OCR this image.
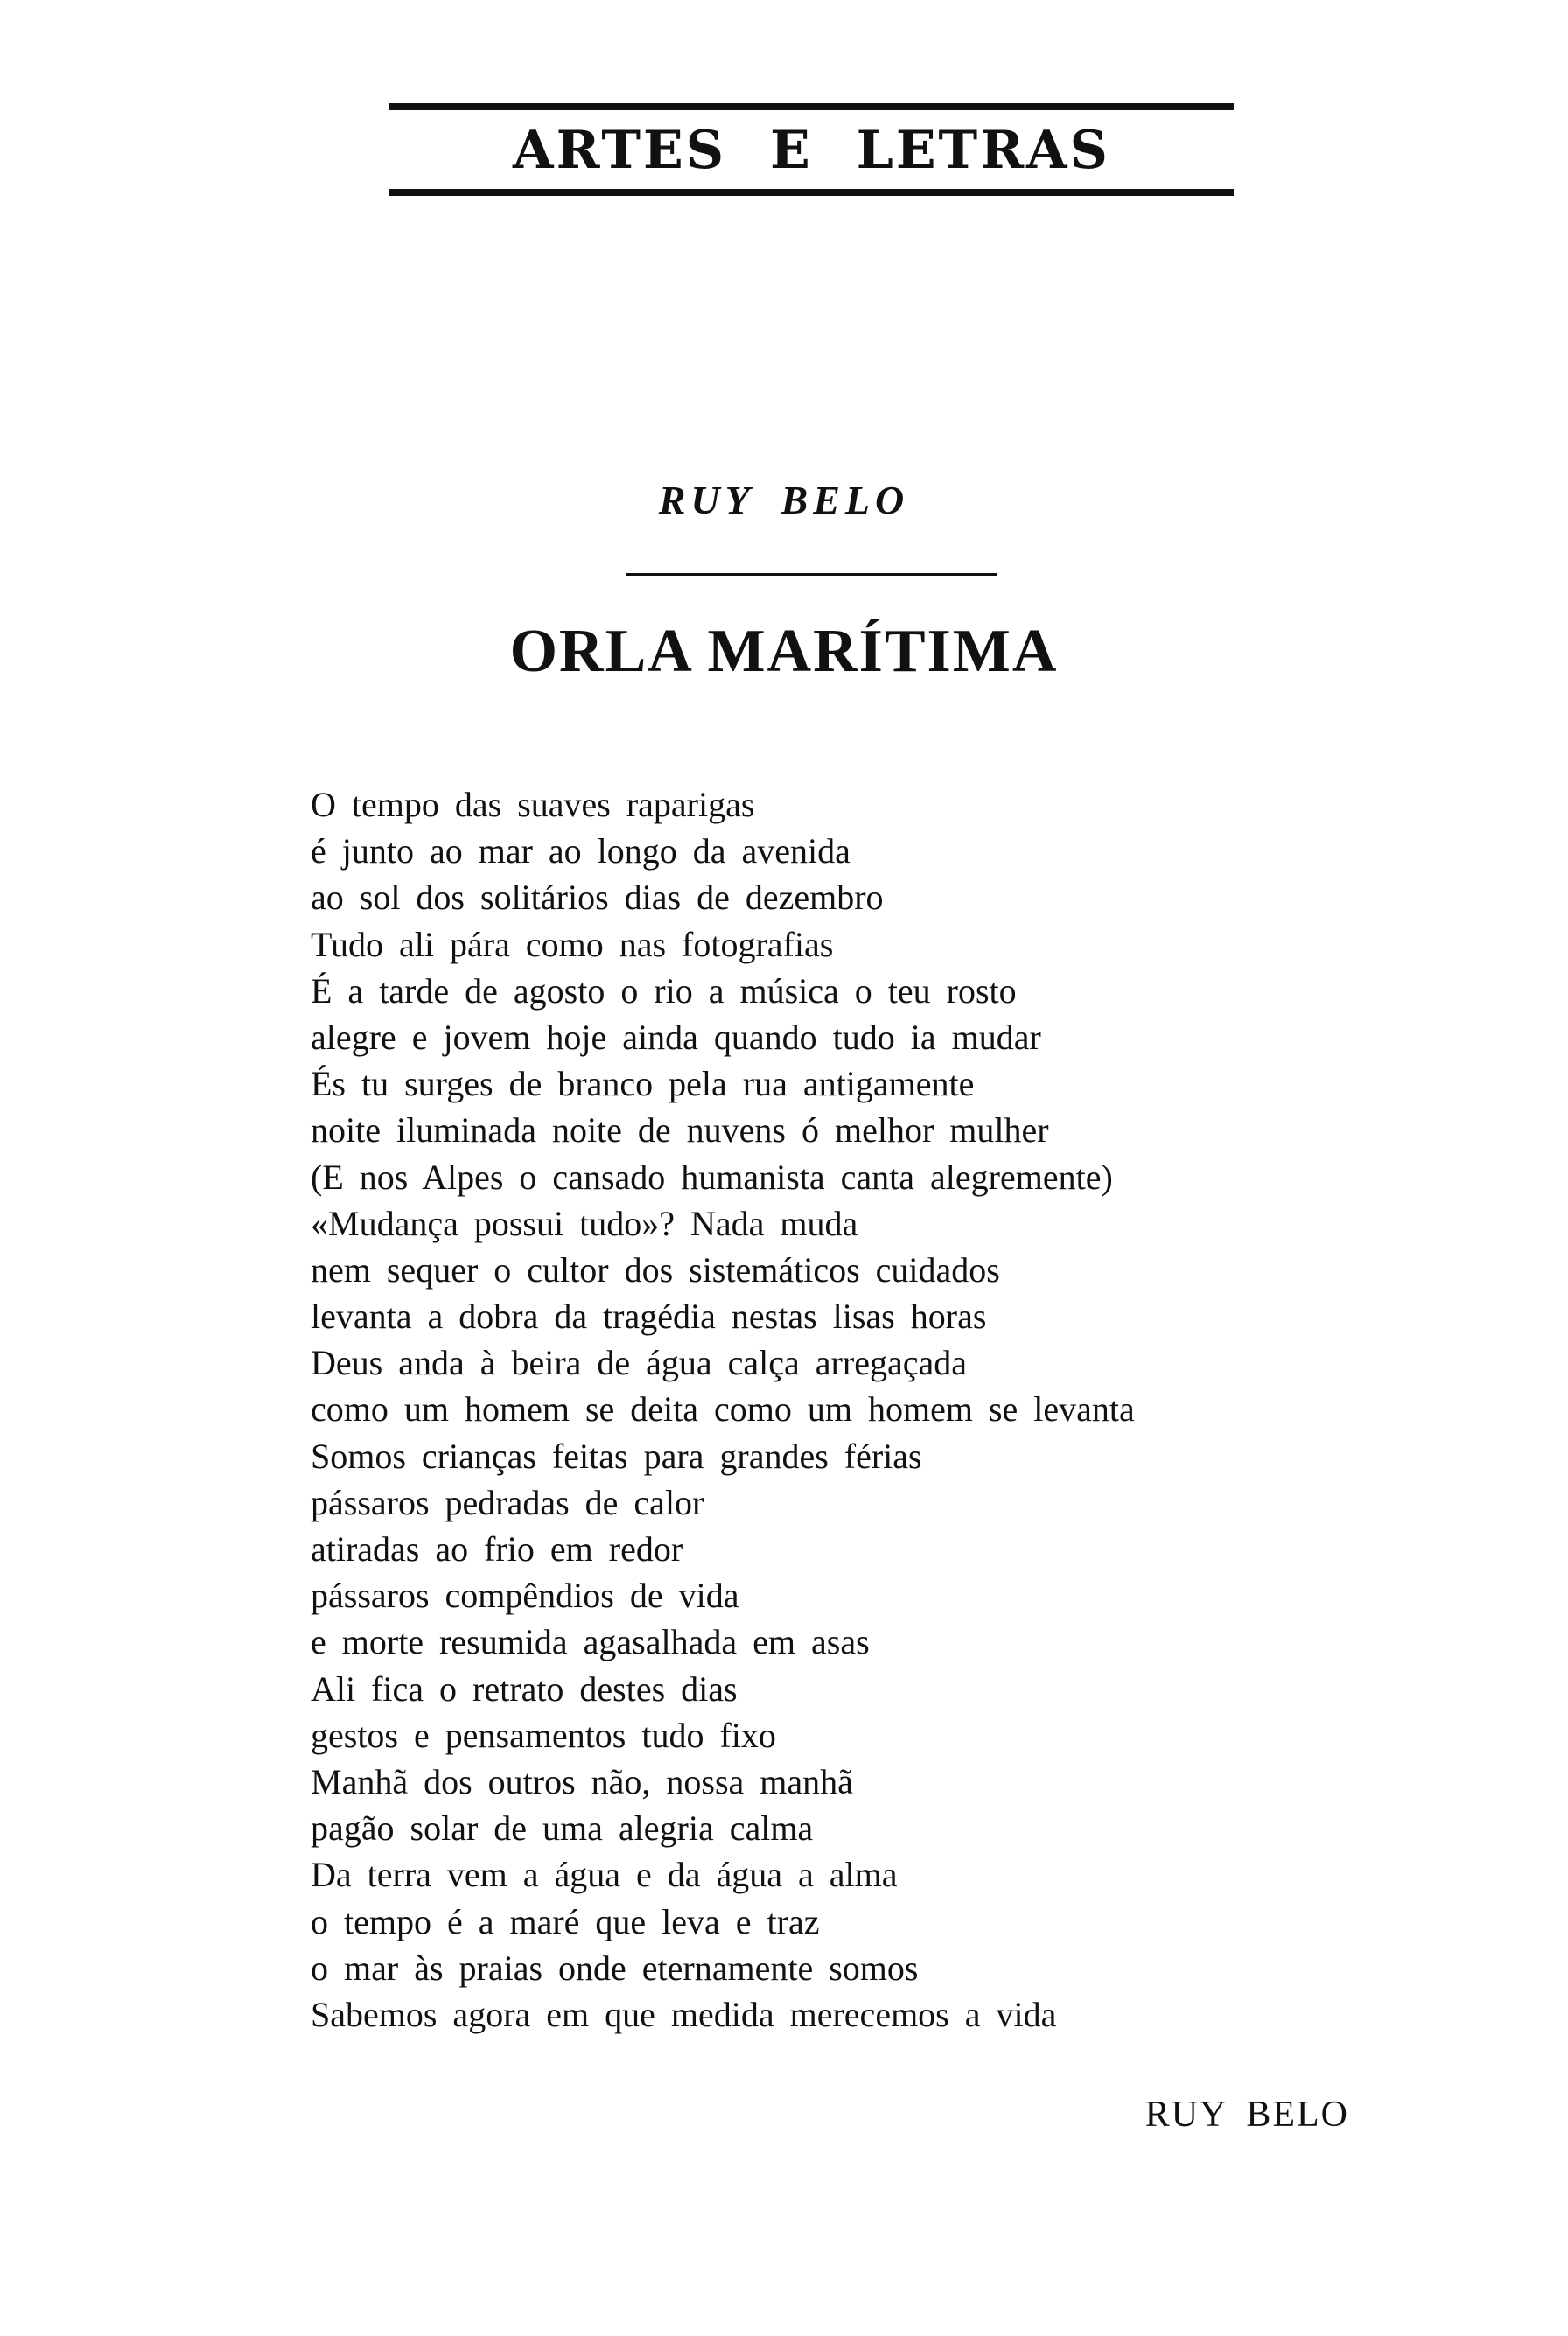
ARTES E LETRAS
RUY BELO
ORLA MARÍTIMA
O tempo das suaves raparigas
é junto ao mar ao longo da avenida
ao sol dos solitários dias de dezembro
Tudo ali pára como nas fotografias
É a tarde de agosto o rio a música o teu rosto
alegre e jovem hoje ainda quando tudo ia mudar
És tu surges de branco pela rua antigamente
noite iluminada noite de nuvens ó melhor mulher
(E nos Alpes o cansado humanista canta alegremente)
«Mudança possui tudo»? Nada muda
nem sequer o cultor dos sistemáticos cuidados
levanta a dobra da tragédia nestas lisas horas
Deus anda à beira de água calça arregaçada
como um homem se deita como um homem se levanta
Somos crianças feitas para grandes férias
pássaros pedradas de calor
atiradas ao frio em redor
pássaros compêndios de vida
e morte resumida agasalhada em asas
Ali fica o retrato destes dias
gestos e pensamentos tudo fixo
Manhã dos outros não, nossa manhã
pagão solar de uma alegria calma
Da terra vem a água e da água a alma
o tempo é a maré que leva e traz
o mar às praias onde eternamente somos
Sabemos agora em que medida merecemos a vida
RUY BELO
